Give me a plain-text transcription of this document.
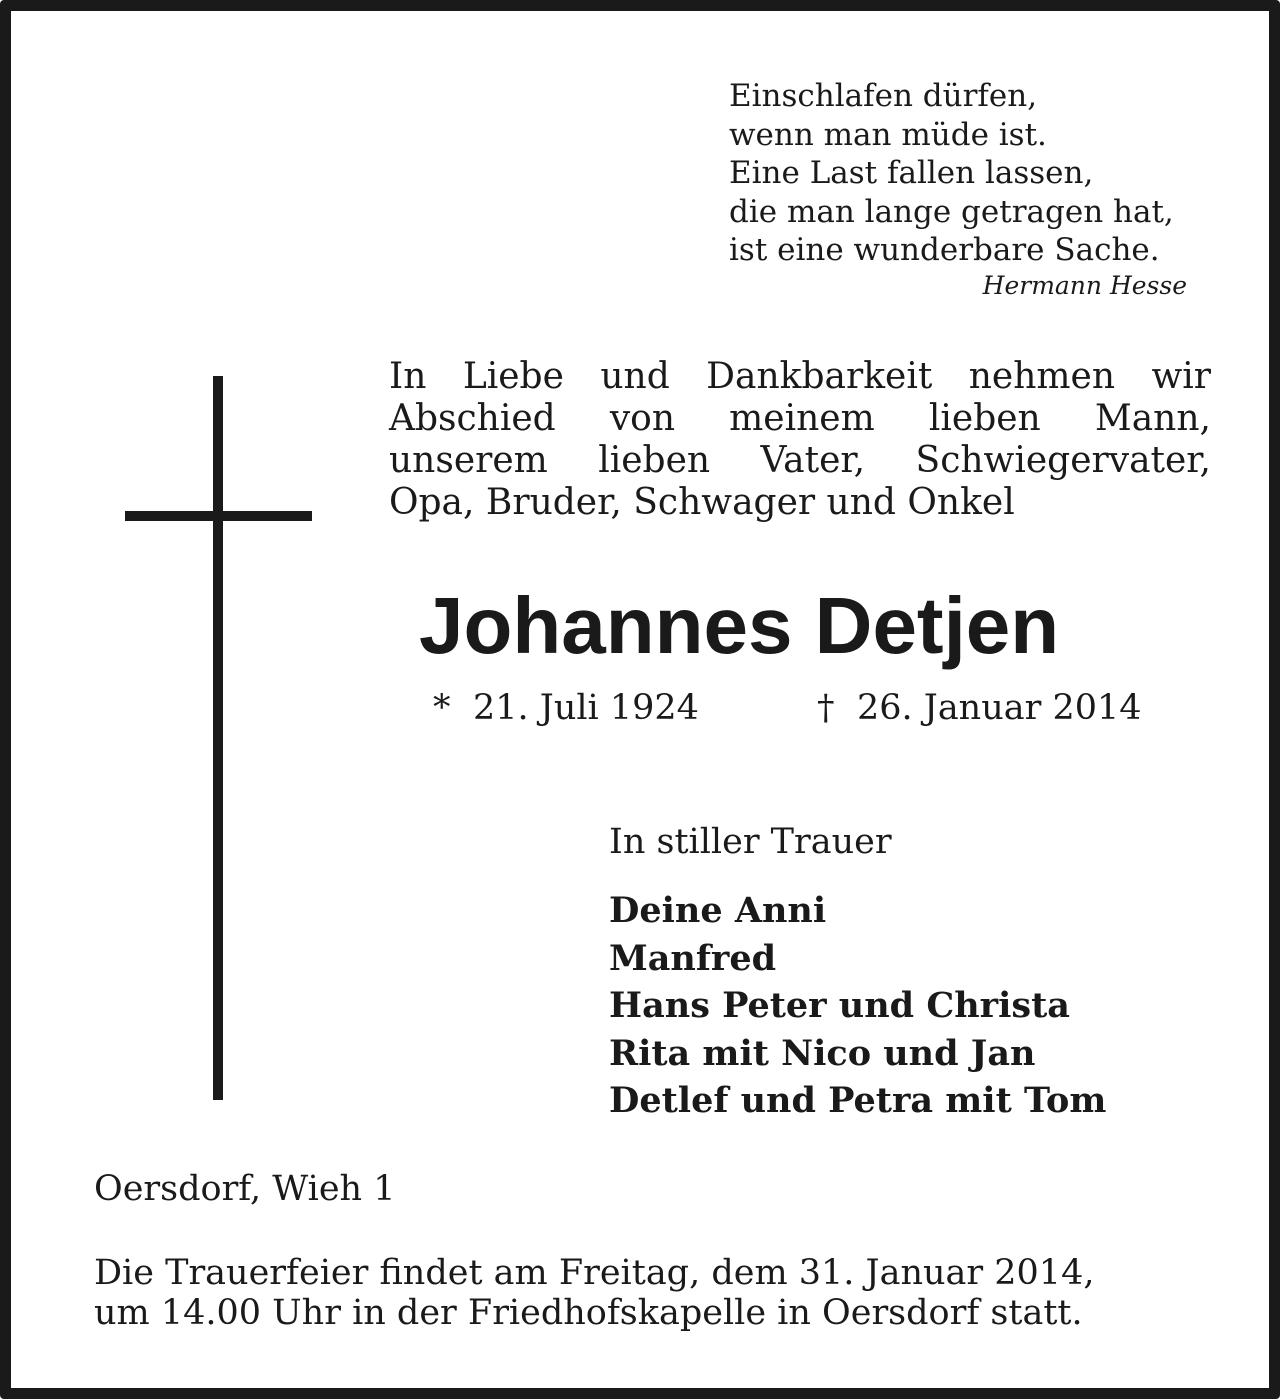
Einschlafen dürfen,
wenn man müde ist.
Eine Last fallen lassen,
die man lange getragen hat,
ist eine wunderbare Sache.
Hermann Hesse
In Liebe und Dankbarkeit nehmen wir
Abschied von meinem lieben Mann,
unserem lieben Vater, Schwiegervater,
Opa, Bruder, Schwager und Onkel
Johannes Detjen
* 21. Juli 1924	† 26. Januar 2014
In stiller Trauer
Deine Anni
Manfred
Hans Peter und Christa
Rita mit Nico und Jan
Detlef und Petra mit Tom
Oersdorf, Wieh 1
Die Trauerfeier findet am Freitag, dem 31. Januar 2014,
um 14.00 Uhr in der Friedhofskapelle in Oersdorf statt.
